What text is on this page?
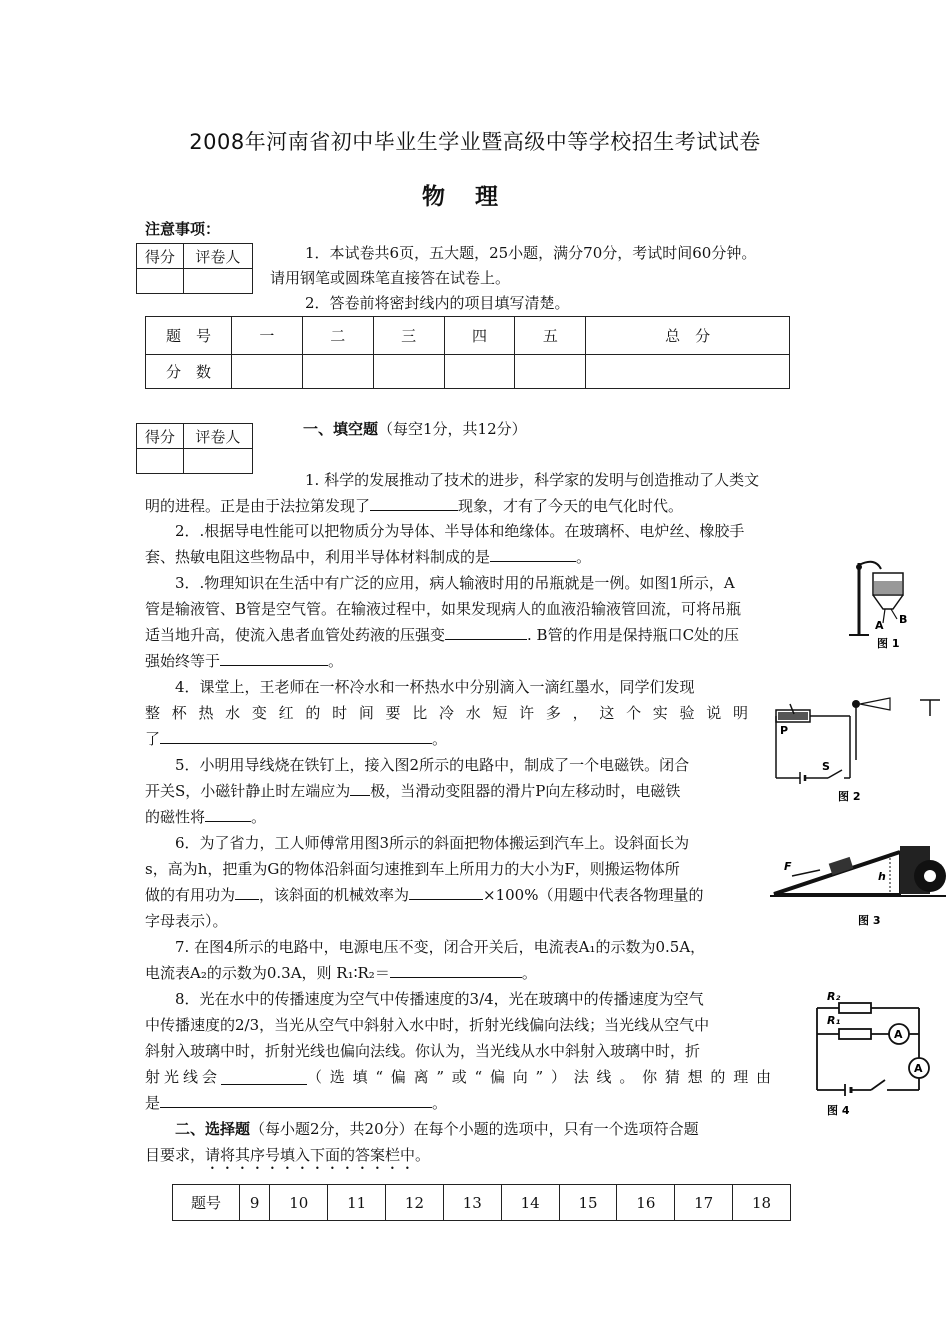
2008年河南省初中毕业生学业暨高级中等学校招生考试试卷
物理
注意事项：
得分	评卷人
		1．本试卷共6页，五大题，25小题，满分70分，考试时间60分钟。
请用钢笔或圆珠笔直接答在试卷上。
2．答卷前将密封线内的项目填写清楚。
题　号	一	二	三	四	五	总　分
分　数						
得分	评卷人
		一、填空题（每空1分，共12分）
1. 科学的发展推动了技术的进步，科学家的发明与创造推动了人类文
明的进程。正是由于法拉第发现了	现象，才有了今天的电气化时代。
2．.根据导电性能可以把物质分为导体、半导体和绝缘体。在玻璃杯、电炉丝、橡胶手
套、热敏电阻这些物品中，利用半导体材料制成的是	。
3．.物理知识在生活中有广泛的应用，病人输液时用的吊瓶就是一例。如图1所示，A
管是输液管、B管是空气管。在输液过程中，如果发现病人的血液沿输液管回流，可将吊瓶
适当地升高，使流入患者血管处药液的压强变	. B管的作用是保持瓶口C处的压
强始终等于	。
4．课堂上，王老师在一杯冷水和一杯热水中分别滴入一滴红墨水，同学们发现
整杯热水变红的时间要比冷水短许多，这个实验说明
了	。
5．小明用导线烧在铁钉上，接入图2所示的电路中，制成了一个电磁铁。闭合
开关S，小磁针静止时左端应为 极，当滑动变阻器的滑片P向左移动时，电磁铁
的磁性将	。
6．为了省力，工人师傅常用图3所示的斜面把物体搬运到汽车上。设斜面长为
s，高为h，把重为G的物体沿斜面匀速推到车上所用力的大小为F，则搬运物体所
做的有用功为 ，该斜面的机械效率为	×100%（用题中代表各物理量的
字母表示）。
7. 在图4所示的电路中，电源电压不变，闭合开关后，电流表A₁的示数为0.5A，
电流表A₂的示数为0.3A，则 R₁∶R₂＝	。
8．光在水中的传播速度为空气中传播速度的3/4，光在玻璃中的传播速度为空气
中传播速度的2/3，当光从空气中斜射入水中时，折射光线偏向法线；当光线从空气中
斜射入玻璃中时，折射光线也偏向法线。你认为，当光线从水中斜射入玻璃中时，折
射光线会	（选填“偏离”或“偏向”）法线。你猜想的理由
是	。
二、选择题（每小题2分，共20分）在每个小题的选项中，只有一个选项符合题
目要求，请将其序号填入下面的答案栏中。
题号	9	10	11	12	13	14	15	16	17	18
A B
图 1
P
S
图 2
F
h
图 3
R₂
R₁
A
A
图 4
